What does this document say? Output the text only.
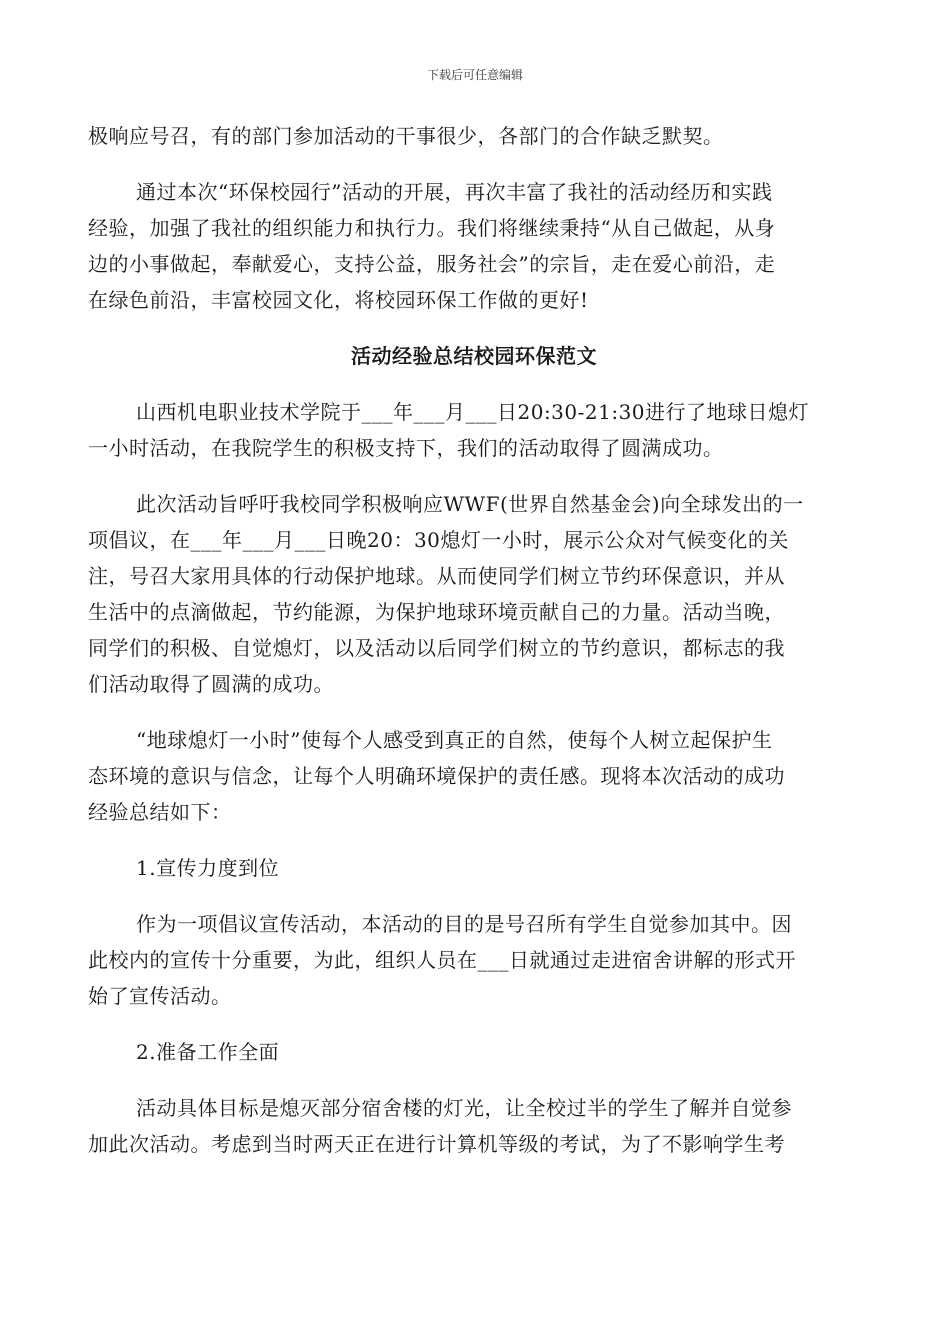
下载后可任意编辑
极响应号召，有的部门参加活动的干事很少，各部门的合作缺乏默契。
通过本次“环保校园行”活动的开展，再次丰富了我社的活动经历和实践
经验，加强了我社的组织能力和执行力。我们将继续秉持“从自己做起，从身
边的小事做起，奉献爱心，支持公益，服务社会”的宗旨，走在爱心前沿，走
在绿色前沿，丰富校园文化，将校园环保工作做的更好!
活动经验总结校园环保范文
山西机电职业技术学院于___年___月___日20:30-21:30进行了地球日熄灯
一小时活动，在我院学生的积极支持下，我们的活动取得了圆满成功。
此次活动旨呼吁我校同学积极响应WWF(世界自然基金会)向全球发出的一
项倡议，在___年___月___日晚20：30熄灯一小时，展示公众对气候变化的关
注，号召大家用具体的行动保护地球。从而使同学们树立节约环保意识，并从
生活中的点滴做起，节约能源，为保护地球环境贡献自己的力量。活动当晚，
同学们的积极、自觉熄灯，以及活动以后同学们树立的节约意识，都标志的我
们活动取得了圆满的成功。
“地球熄灯一小时”使每个人感受到真正的自然，使每个人树立起保护生
态环境的意识与信念，让每个人明确环境保护的责任感。现将本次活动的成功
经验总结如下：
1.宣传力度到位
作为一项倡议宣传活动，本活动的目的是号召所有学生自觉参加其中。因
此校内的宣传十分重要，为此，组织人员在___日就通过走进宿舍讲解的形式开
始了宣传活动。
2.准备工作全面
活动具体目标是熄灭部分宿舍楼的灯光，让全校过半的学生了解并自觉参
加此次活动。考虑到当时两天正在进行计算机等级的考试，为了不影响学生考
